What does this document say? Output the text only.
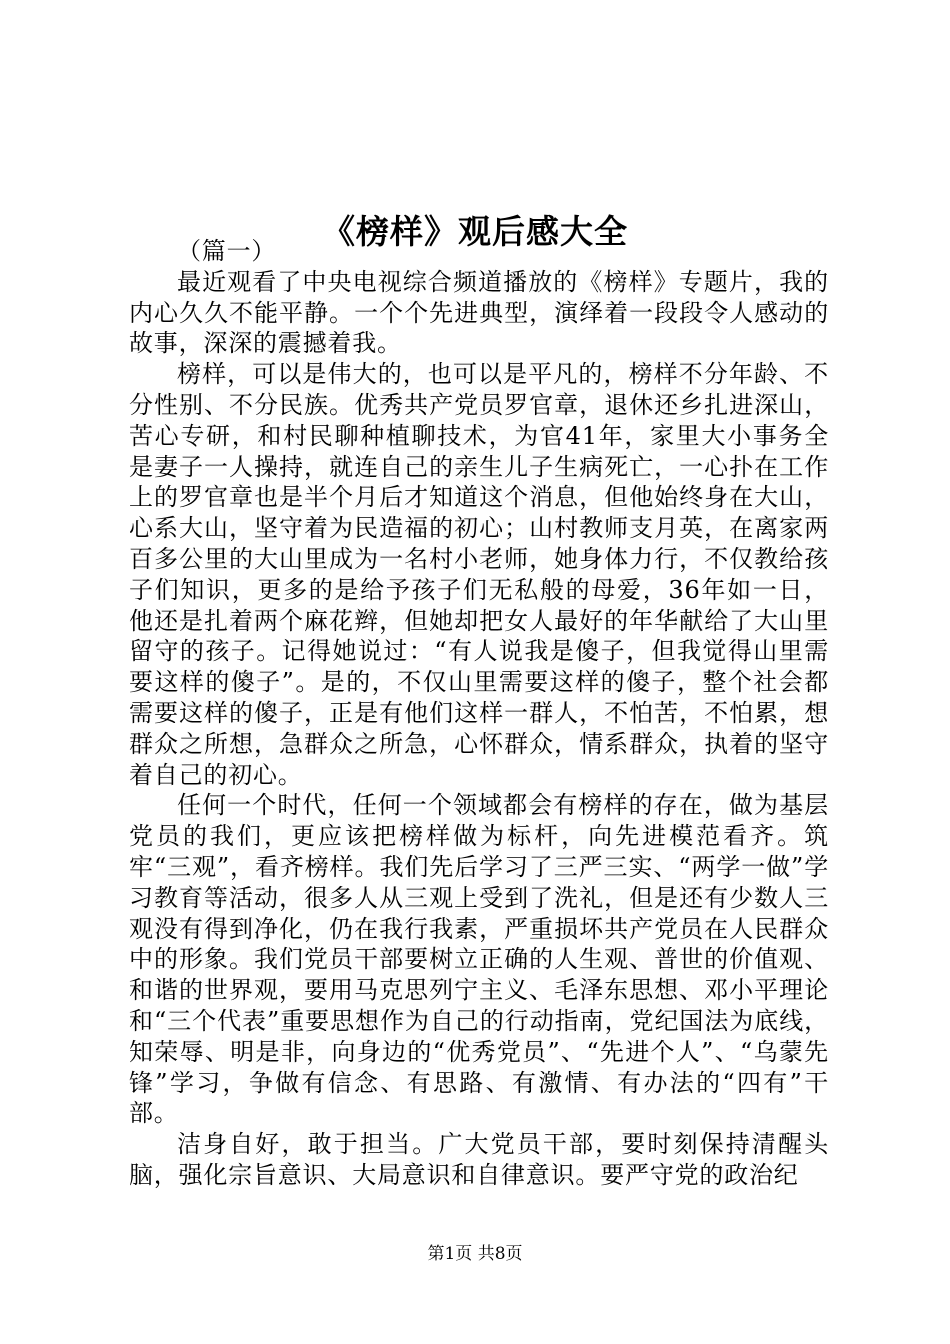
《榜样》观后感大全

（篇一）

最近观看了中央电视综合频道播放的《榜样》专题片，我的内心久久不能平静。一个个先进典型，演绎着一段段令人感动的故事，深深的震撼着我。

榜样，可以是伟大的，也可以是平凡的，榜样不分年龄、不分性别、不分民族。优秀共产党员罗官章，退休还乡扎进深山，苦心专研，和村民聊种植聊技术，为官41年，家里大小事务全是妻子一人操持，就连自己的亲生儿子生病死亡，一心扑在工作上的罗官章也是半个月后才知道这个消息，但他始终身在大山，心系大山，坚守着为民造福的初心；山村教师支月英，在离家两百多公里的大山里成为一名村小老师，她身体力行，不仅教给孩子们知识，更多的是给予孩子们无私般的母爱，36年如一日，他还是扎着两个麻花辫，但她却把女人最好的年华献给了大山里留守的孩子。记得她说过：“有人说我是傻子，但我觉得山里需要这样的傻子”。是的，不仅山里需要这样的傻子，整个社会都需要这样的傻子，正是有他们这样一群人，不怕苦，不怕累，想群众之所想，急群众之所急，心怀群众，情系群众，执着的坚守着自己的初心。

任何一个时代，任何一个领域都会有榜样的存在，做为基层党员的我们，更应该把榜样做为标杆，向先进模范看齐。筑牢“三观”，看齐榜样。我们先后学习了三严三实、“两学一做”学习教育等活动，很多人从三观上受到了洗礼，但是还有少数人三观没有得到净化，仍在我行我素，严重损坏共产党员在人民群众中的形象。我们党员干部要树立正确的人生观、普世的价值观、和谐的世界观，要用马克思列宁主义、毛泽东思想、邓小平理论和“三个代表”重要思想作为自己的行动指南，党纪国法为底线，知荣辱、明是非，向身边的“优秀党员”、“先进个人”、“乌蒙先锋”学习，争做有信念、有思路、有激情、有办法的“四有”干部。

洁身自好，敢于担当。广大党员干部，要时刻保持清醒头脑，强化宗旨意识、大局意识和自律意识。要严守党的政治纪

第1页 共8页
